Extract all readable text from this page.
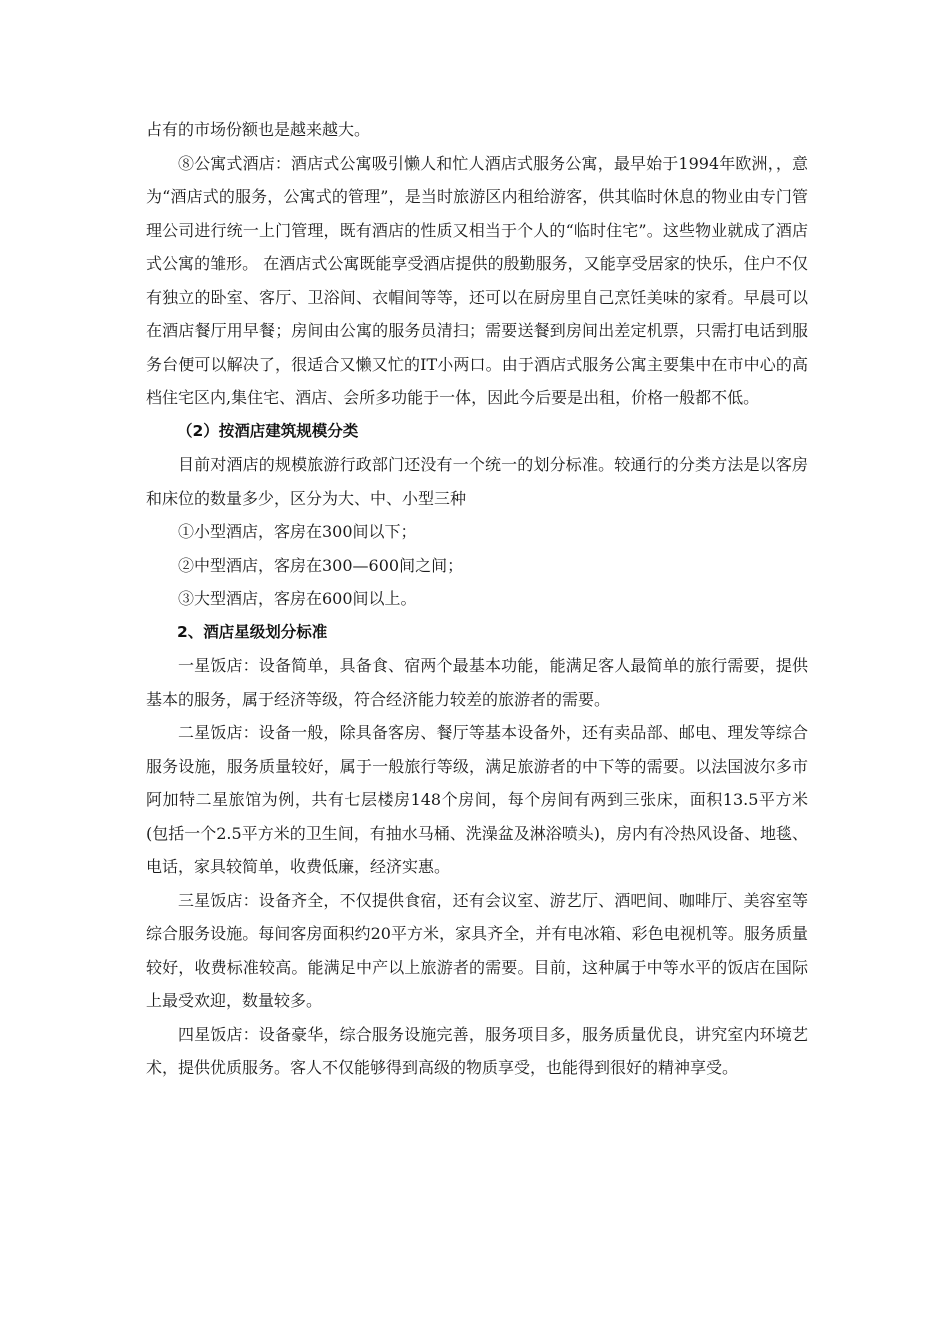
占有的市场份额也是越来越大。

⑧公寓式酒店：酒店式公寓吸引懒人和忙人酒店式服务公寓，最早始于1994年欧洲，，意为“酒店式的服务，公寓式的管理”，是当时旅游区内租给游客，供其临时休息的物业由专门管理公司进行统一上门管理，既有酒店的性质又相当于个人的“临时住宅”。这些物业就成了酒店式公寓的雏形。 在酒店式公寓既能享受酒店提供的殷勤服务，又能享受居家的快乐，住户不仅有独立的卧室、客厅、卫浴间、衣帽间等等，还可以在厨房里自己烹饪美味的家肴。早晨可以在酒店餐厅用早餐；房间由公寓的服务员清扫；需要送餐到房间出差定机票，只需打电话到服务台便可以解决了，很适合又懒又忙的IT小两口。由于酒店式服务公寓主要集中在市中心的高档住宅区内,集住宅、酒店、会所多功能于一体，因此今后要是出租，价格一般都不低。

（2）按酒店建筑规模分类

目前对酒店的规模旅游行政部门还没有一个统一的划分标准。较通行的分类方法是以客房和床位的数量多少，区分为大、中、小型三种

①小型酒店，客房在300间以下；

②中型酒店，客房在300—600间之间；

③大型酒店，客房在600间以上。

2、酒店星级划分标准

一星饭店：设备简单，具备食、宿两个最基本功能，能满足客人最简单的旅行需要，提供基本的服务，属于经济等级，符合经济能力较差的旅游者的需要。

二星饭店：设备一般，除具备客房、餐厅等基本设备外，还有卖品部、邮电、理发等综合服务设施，服务质量较好，属于一般旅行等级，满足旅游者的中下等的需要。以法国波尔多市阿加特二星旅馆为例，共有七层楼房148个房间，每个房间有两到三张床，面积13.5平方米(包括一个2.5平方米的卫生间，有抽水马桶、洗澡盆及淋浴喷头)，房内有冷热风设备、地毯、电话，家具较简单，收费低廉，经济实惠。

三星饭店：设备齐全，不仅提供食宿，还有会议室、游艺厅、酒吧间、咖啡厅、美容室等综合服务设施。每间客房面积约20平方米，家具齐全，并有电冰箱、彩色电视机等。服务质量较好，收费标准较高。能满足中产以上旅游者的需要。目前，这种属于中等水平的饭店在国际上最受欢迎，数量较多。

四星饭店：设备豪华，综合服务设施完善，服务项目多，服务质量优良，讲究室内环境艺术，提供优质服务。客人不仅能够得到高级的物质享受，也能得到很好的精神享受。
